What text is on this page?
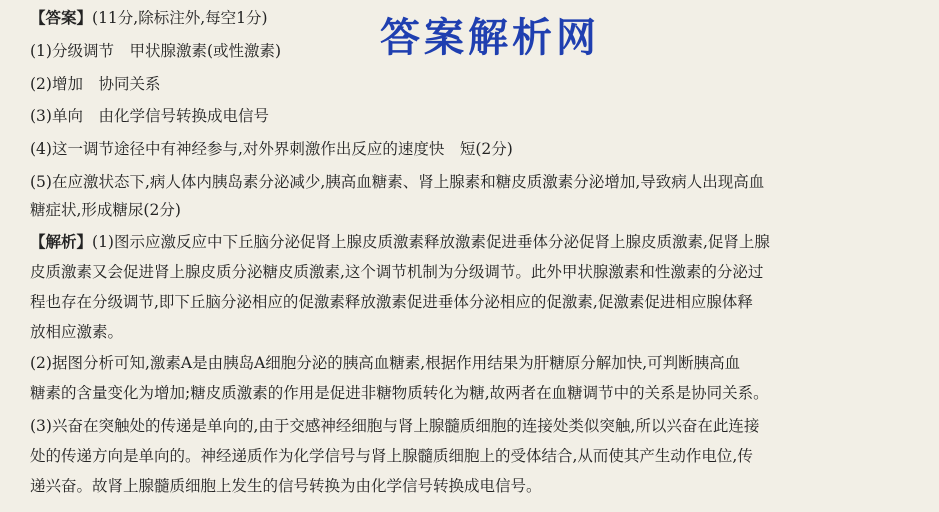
答案解析网
【答案】(11分,除标注外,每空1分)
(1)分级调节　甲状腺激素(或性激素)
(2)增加　协同关系
(3)单向　由化学信号转换成电信号
(4)这一调节途径中有神经参与,对外界刺激作出反应的速度快　短(2分)
(5)在应激状态下,病人体内胰岛素分泌减少,胰高血糖素、肾上腺素和糖皮质激素分泌增加,导致病人出现高血
糖症状,形成糖尿(2分)
【解析】(1)图示应激反应中下丘脑分泌促肾上腺皮质激素释放激素促进垂体分泌促肾上腺皮质激素,促肾上腺
皮质激素又会促进肾上腺皮质分泌糖皮质激素,这个调节机制为分级调节。此外甲状腺激素和性激素的分泌过
程也存在分级调节,即下丘脑分泌相应的促激素释放激素促进垂体分泌相应的促激素,促激素促进相应腺体释
放相应激素。
(2)据图分析可知,激素A是由胰岛A细胞分泌的胰高血糖素,根据作用结果为肝糖原分解加快,可判断胰高血
糖素的含量变化为增加;糖皮质激素的作用是促进非糖物质转化为糖,故两者在血糖调节中的关系是协同关系。
(3)兴奋在突触处的传递是单向的,由于交感神经细胞与肾上腺髓质细胞的连接处类似突触,所以兴奋在此连接
处的传递方向是单向的。神经递质作为化学信号与肾上腺髓质细胞上的受体结合,从而使其产生动作电位,传
递兴奋。故肾上腺髓质细胞上发生的信号转换为由化学信号转换成电信号。
